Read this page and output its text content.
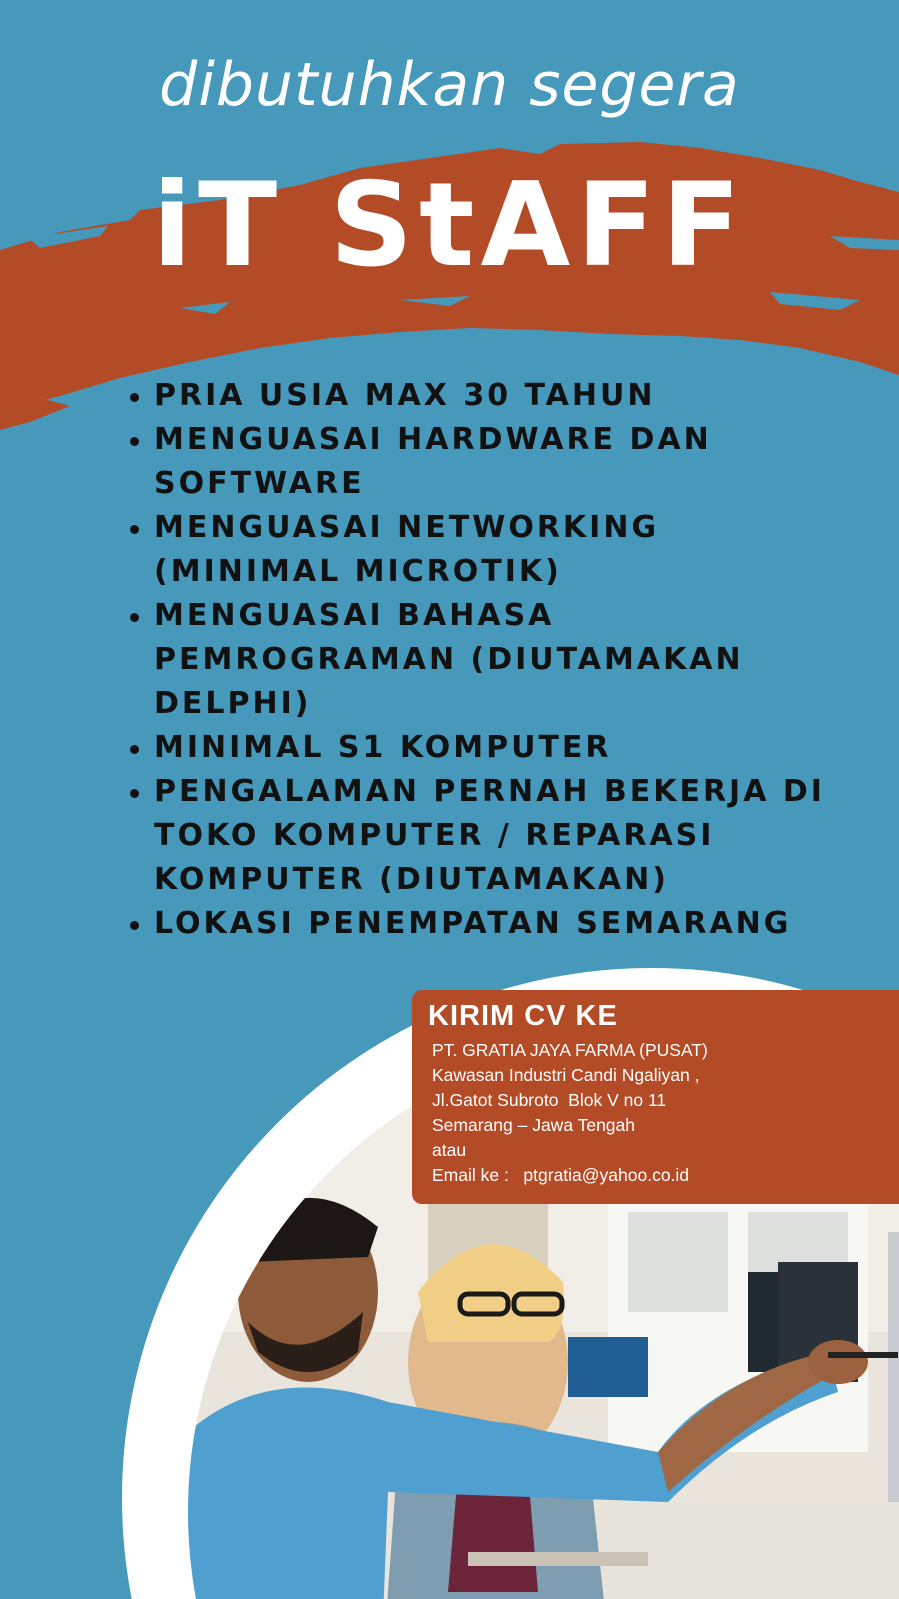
dibutuhkan segera
iT StAFF
PRIA USIA MAX 30 TAHUN
MENGUASAI HARDWARE DAN SOFTWARE
MENGUASAI NETWORKING (MINIMAL MICROTIK)
MENGUASAI BAHASA PEMROGRAMAN (DIUTAMAKAN DELPHI)
MINIMAL S1 KOMPUTER
PENGALAMAN PERNAH BEKERJA DI TOKO KOMPUTER / REPARASI KOMPUTER (DIUTAMAKAN)
LOKASI PENEMPATAN SEMARANG
KIRIM CV KE
PT. GRATIA JAYA FARMA (PUSAT)
Kawasan Industri Candi Ngaliyan ,
Jl.Gatot Subroto  Blok V no 11
Semarang – Jawa Tengah
atau
Email ke :   ptgratia@yahoo.co.id
